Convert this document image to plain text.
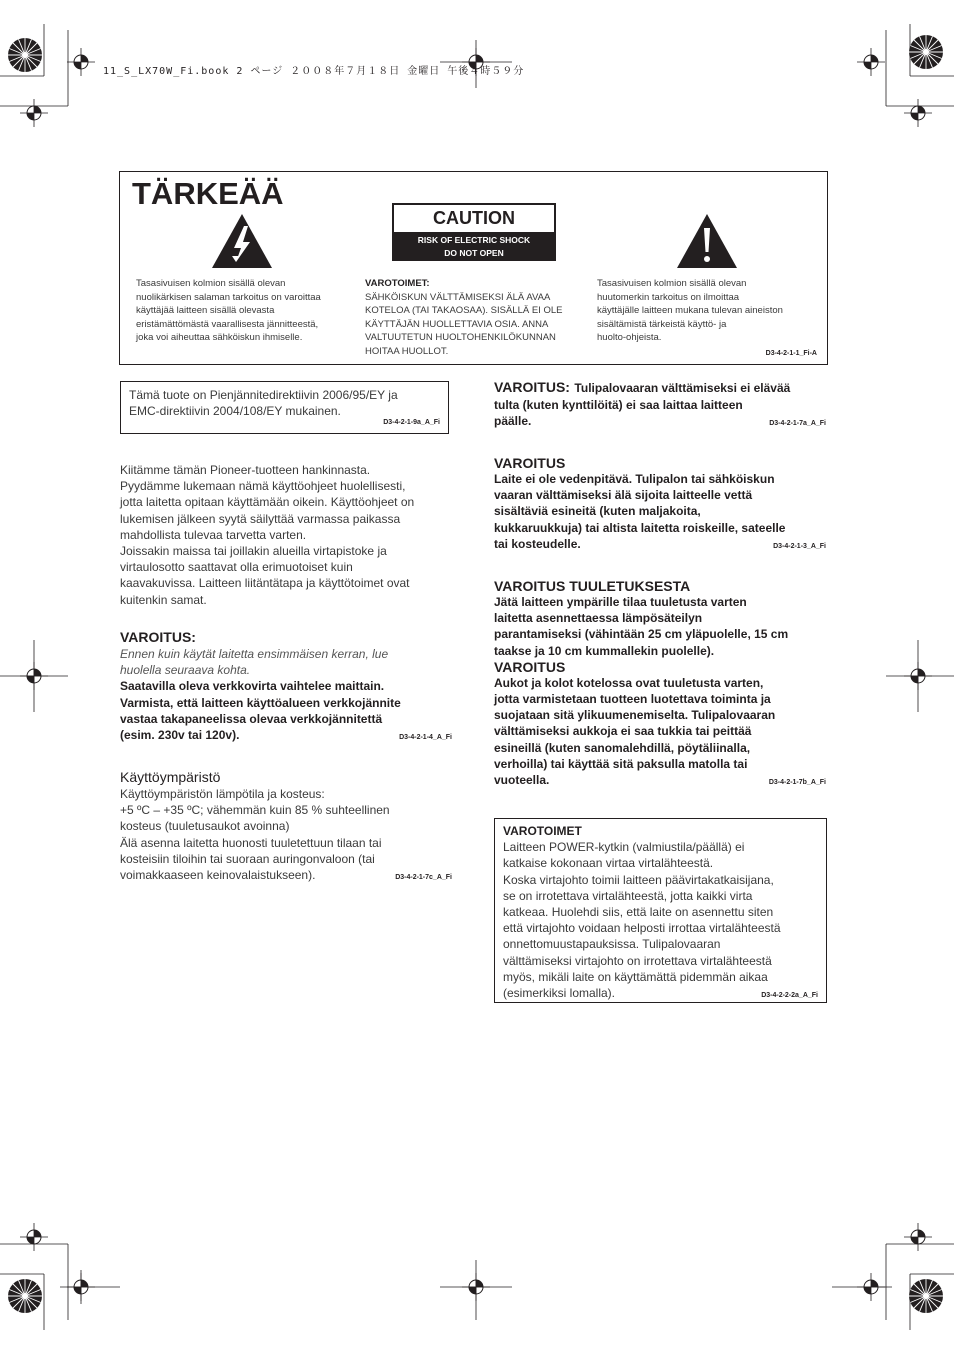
11_S_LX70W_Fi.book 2 ページ ２００８年７月１８日 金曜日 午後４時５９分
TÄRKEÄÄ
CAUTION
RISK OF ELECTRIC SHOCK
DO NOT OPEN
Tasasivuisen kolmion sisällä olevan
nuolikärkisen salaman tarkoitus on varoittaa
käyttäjää laitteen sisällä olevasta
eristämättömästä vaarallisesta jännitteestä,
joka voi aiheuttaa sähköiskun ihmiselle.
VAROTOIMET:
SÄHKÖISKUN VÄLTTÄMISEKSI ÄLÄ AVAA
KOTELOA (TAI TAKAOSAA). SISÄLLÄ EI OLE
KÄYTTÄJÄN HUOLLETTAVIA OSIA. ANNA
VALTUUTETUN HUOLTOHENKILÖKUNNAN
HOITAA HUOLLOT.
Tasasivuisen kolmion sisällä olevan
huutomerkin tarkoitus on ilmoittaa
käyttäjälle laitteen mukana tulevan aineiston
sisältämistä tärkeistä käyttö- ja
huolto-ohjeista.
D3-4-2-1-1_Fi-A
Tämä tuote on Pienjännitedirektiivin 2006/95/EY ja
EMC-direktiivin 2004/108/EY mukainen.
D3-4-2-1-9a_A_Fi
Kiitämme tämän Pioneer-tuotteen hankinnasta.
Pyydämme lukemaan nämä käyttöohjeet huolellisesti,
jotta laitetta opitaan käyttämään oikein. Käyttöohjeet on
lukemisen jälkeen syytä säilyttää varmassa paikassa
mahdollista tulevaa tarvetta varten.
Joissakin maissa tai joillakin alueilla virtapistoke ja
virtaulosotto saattavat olla erimuotoiset kuin
kaavakuvissa. Laitteen liitäntätapa ja käyttötoimet ovat
kuitenkin samat.
VAROITUS:
Ennen kuin käytät laitetta ensimmäisen kerran, lue
huolella seuraava kohta.
Saatavilla oleva verkkovirta vaihtelee maittain.
Varmista, että laitteen käyttöalueen verkkojännite
vastaa takapaneelissa olevaa verkkojännitettä
(esim. 230v tai 120v).	D3-4-2-1-4_A_Fi
Käyttöympäristö
Käyttöympäristön lämpötila ja kosteus:
+5 ºC – +35 ºC; vähemmän kuin 85 % suhteellinen
kosteus (tuuletusaukot avoinna)
Älä asenna laitetta huonosti tuuletettuun tilaan tai
kosteisiin tiloihin tai suoraan auringonvaloon (tai
voimakkaaseen keinovalaistukseen).	D3-4-2-1-7c_A_Fi
VAROITUS: Tulipalovaaran välttämiseksi ei elävää
tulta (kuten kynttilöitä) ei saa laittaa laitteen
päälle.	D3-4-2-1-7a_A_Fi
VAROITUS
Laite ei ole vedenpitävä. Tulipalon tai sähköiskun
vaaran välttämiseksi älä sijoita laitteelle vettä
sisältäviä esineitä (kuten maljakoita,
kukkaruukkuja) tai altista laitetta roiskeille, sateelle
tai kosteudelle.	D3-4-2-1-3_A_Fi
VAROITUS TUULETUKSESTA
Jätä laitteen ympärille tilaa tuuletusta varten
laitetta asennettaessa lämpösäteilyn
parantamiseksi (vähintään 25 cm yläpuolelle, 15 cm
taakse ja 10 cm kummallekin puolelle).
VAROITUS
Aukot ja kolot kotelossa ovat tuuletusta varten,
jotta varmistetaan tuotteen luotettava toiminta ja
suojataan sitä ylikuumenemiselta. Tulipalovaaran
välttämiseksi aukkoja ei saa tukkia tai peittää
esineillä (kuten sanomalehdillä, pöytäliinalla,
verhoilla) tai käyttää sitä paksulla matolla tai
vuoteella.	D3-4-2-1-7b_A_Fi
VAROTOIMET
Laitteen POWER-kytkin (valmiustila/päällä) ei
katkaise kokonaan virtaa virtalähteestä.
Koska virtajohto toimii laitteen päävirtakatkaisijana,
se on irrotettava virtalähteestä, jotta kaikki virta
katkeaa. Huolehdi siis, että laite on asennettu siten
että virtajohto voidaan helposti irrottaa virtalähteestä
onnettomuustapauksissa. Tulipalovaaran
välttämiseksi virtajohto on irrotettava virtalähteestä
myös, mikäli laite on käyttämättä pidemmän aikaa
(esimerkiksi lomalla).	D3-4-2-2-2a_A_Fi
